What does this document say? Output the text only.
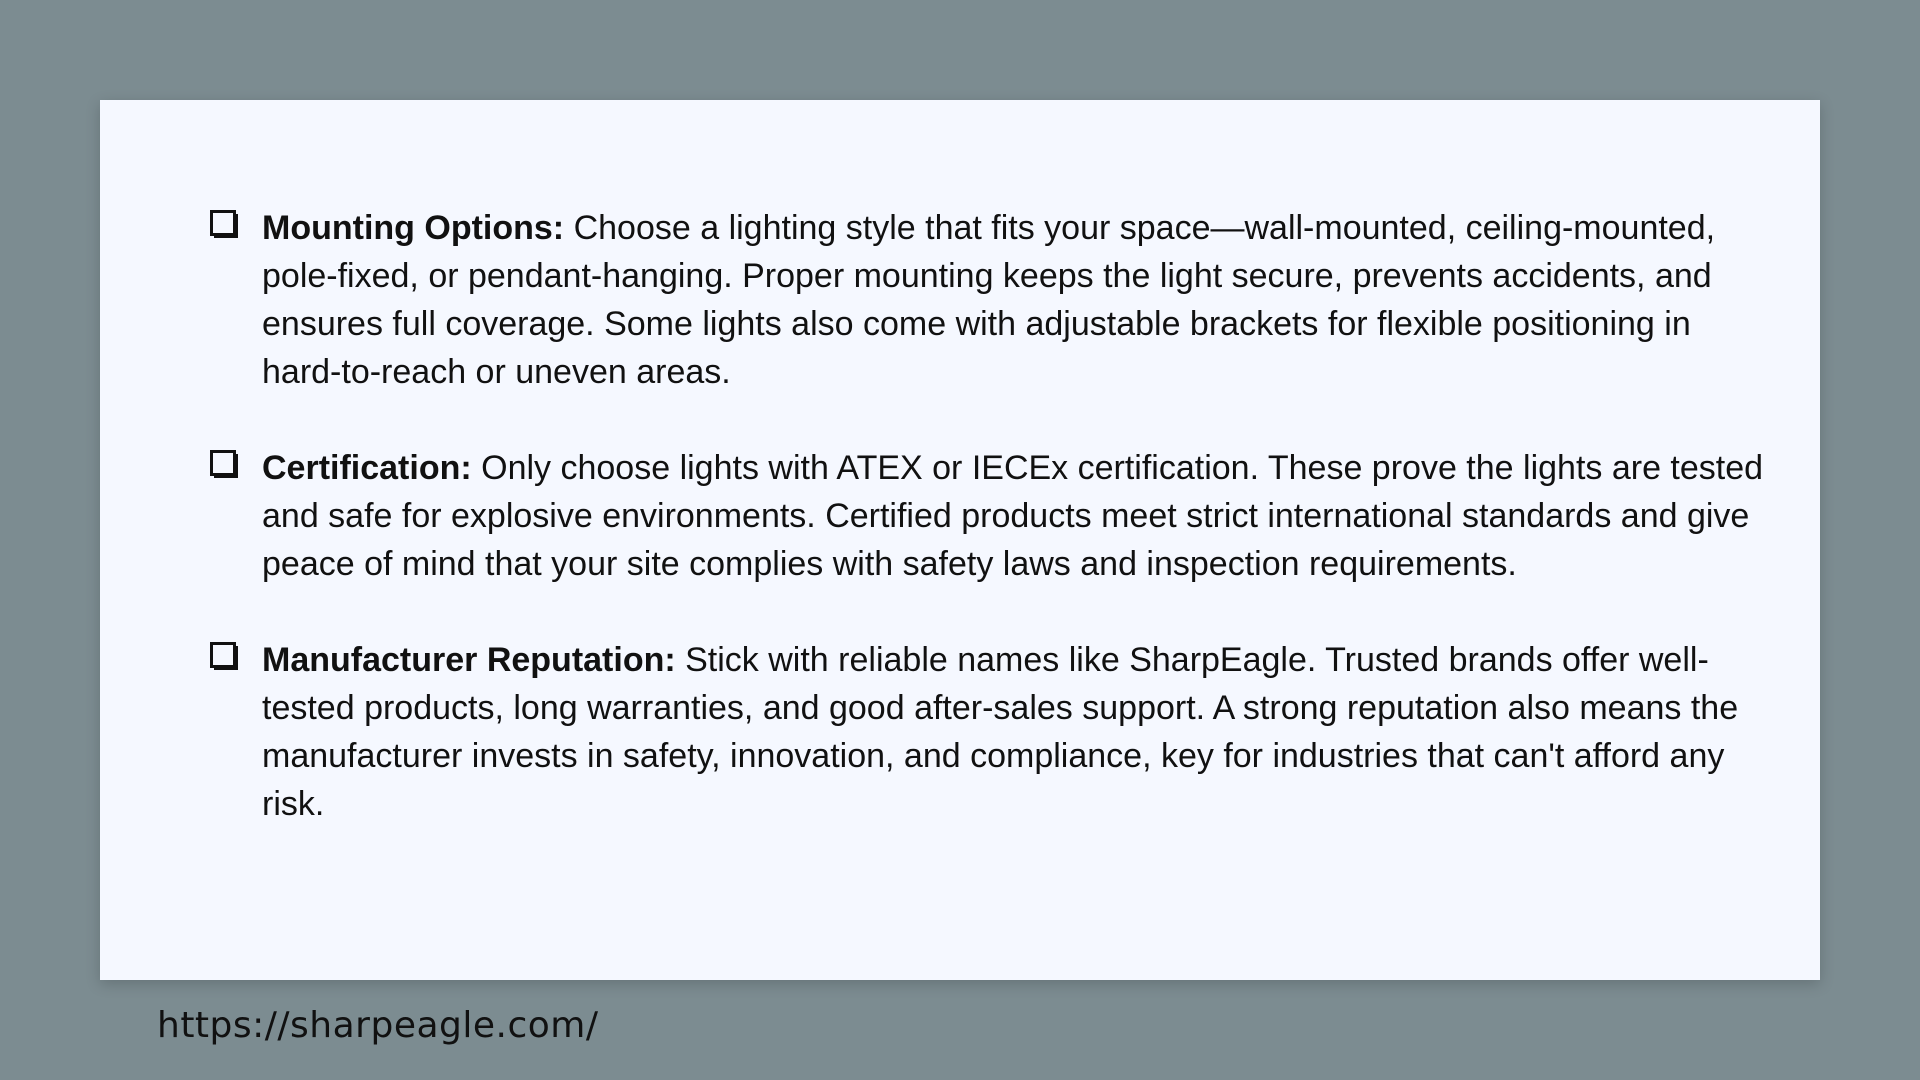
Mounting Options: Choose a lighting style that fits your space—wall-mounted, ceiling-mounted, pole-fixed, or pendant-hanging. Proper mounting keeps the light secure, prevents accidents, and ensures full coverage. Some lights also come with adjustable brackets for flexible positioning in hard-to-reach or uneven areas.

Certification: Only choose lights with ATEX or IECEx certification. These prove the lights are tested and safe for explosive environments. Certified products meet strict international standards and give peace of mind that your site complies with safety laws and inspection requirements.

Manufacturer Reputation: Stick with reliable names like SharpEagle. Trusted brands offer well-tested products, long warranties, and good after-sales support. A strong reputation also means the manufacturer invests in safety, innovation, and compliance, key for industries that can't afford any risk.

https://sharpeagle.com/
